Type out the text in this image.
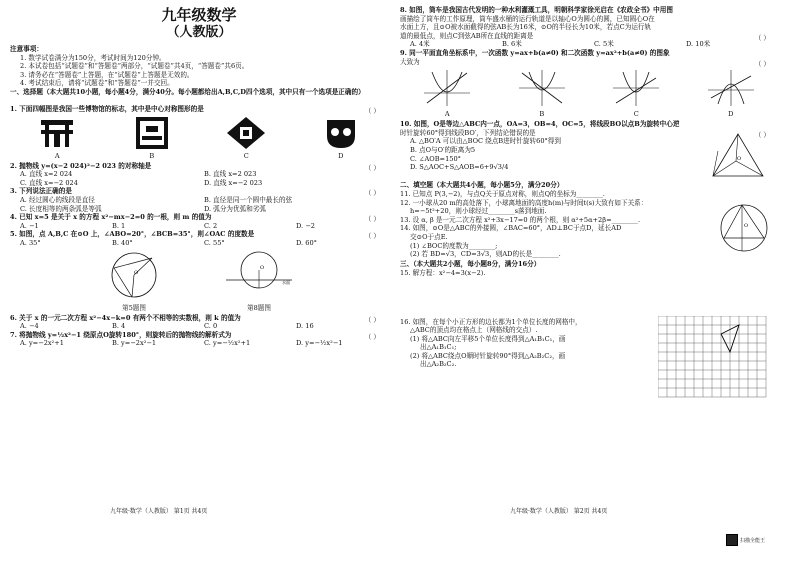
九年级数学
（人教版）
注意事项：
1. 数学试卷满分为150分，考试时间为120分钟。
2. 本试卷包括“试题卷”和“答题卷”两部分，“试题卷”共4页，“答题卷”共6页。
3. 请务必在“答题卷”上答题，在“试题卷”上答题是无效的。
4. 考试结束后，请将“试题卷”和“答题卷”一并交回。
一、选择题（本大题共10小题，每小题4分，满分40分。每小题都给出A,B,C,D四个选项，其中只有一个选项是正确的）
1. 下面四幅图是我国一些博物馆的标志，其中是中心对称图形的是	（ ）
A	B	C	D
2. 抛物线 y=(x−2 024)²−2 023 的对称轴是	（ ）
A. 直线 x=2 024	B. 直线 x=2 023
C. 直线 x=−2 024	D. 直线 x=−2 023
3. 下列说法正确的是	（ ）
A. 经过圆心的线段是直径	B. 直径是同一个圆中最长的弦
C. 长度相等的两条弧是等弧	D. 弧分为优弧和劣弧
4. 已知 x=5 是关于 x 的方程 x²−mx−2=0 的一根，则 m 的值为	（ ）
A. −1	B. 1	C. 2	D. −2
5. 如图，点 A,B,C 在⊙O 上，∠ABO=20°，∠BCB=35°，则∠OAC 的度数是	（ ）
A. 35°	B. 40°	C. 55°	D. 60°
O
第5题图
O
水面
第8题图
6. 关于 x 的一元二次方程 x²−4x−k=0 有两个不相等的实数根，则 k 的值为	（ ）
A. −4	B. 4	C. 0	D. 16
7. 将抛物线 y=½x²−1 绕原点O旋转180°，则旋转后的抛物线的解析式为	（ ）
A. y=−2x²+1	B. y=−2x²−1	C. y=−½x²+1	D. y=−½x²−1
九年级·数学（人教版） 第1页 共4页
8. 如图，筒车是我国古代发明的一种水利灌溉工具，明朝科学家徐光启在《农政全书》中用图
画描绘了筒车的工作原理，筒车盛水桶的运行轨道是以轴心O为圆心的圆，已知圆心O在
水面上方，且⊙O被水面截得的弦AB长为16米，⊙O的半径长为10米，若点C为运行轨
道的最低点，则点C到弦AB所在直线的距离是	（ ）
A. 4米	B. 6米	C. 5米	D. 10米
9. 同一平面直角坐标系中，一次函数 y=ax+b(a≠0) 和二次函数 y=ax²+b(a≠0) 的图象
大致为	（ ）
A	B	C	D
10. 如图，O是等边△ABC内一点，OA=3，OB=4，OC=5，将线段BO以点B为旋转中心逆
时针旋转60°得到线段BO′，下列结论错误的是	（ ）
A. △BO′A 可以由△BOC 绕点B进时针旋转60°得到
B. 点O与O′的距离为5
C. ∠AOB=150°
D. S△AOC+S△AOB=6+9√3/4
O
二、填空题（本大题共4小题，每小题5分，满分20分）
11. 已知点 P(3,−2)，与点Q关于原点对称，则点Q的坐标为________.
12. 一小球从20 m的高处落下，小球离地面的高度h(m)与时间t(s)大致有如下关系：
h=−5t²+20，则小球经过________s落到地面.
13. 设 α, β 是一元二次方程 x²+3x−17=0 的两个根，则 α²+5α+2β=________.
14. 如图，⊙O是△ABC的外接圆，∠BAC=60°，AD⊥BC于点D，延长AD
交⊙O于点E.
(1) ∠BOC的度数为________;
(2) 若 BD=√3，CD=3√3，则AD的长是________.
O
三、（本大题共2小题，每小题8分，满分16分）
15. 解方程：x²−4=3(x−2).
16. 如图，在每个小正方形的边长都为1个单位长度的网格中，
△ABC的顶点均在格点上（网格线的交点）.
(1) 将△ABC向左平移5个单位长度得到△A₁B₁C₁，画
出△A₁B₁C₁;
(2) 将△ABC绕点O顺时针旋转90°得到△A₂B₂C₂，画
出△A₂B₂C₂.
九年级·数学（人教版） 第2页 共4页
扫描全能王
